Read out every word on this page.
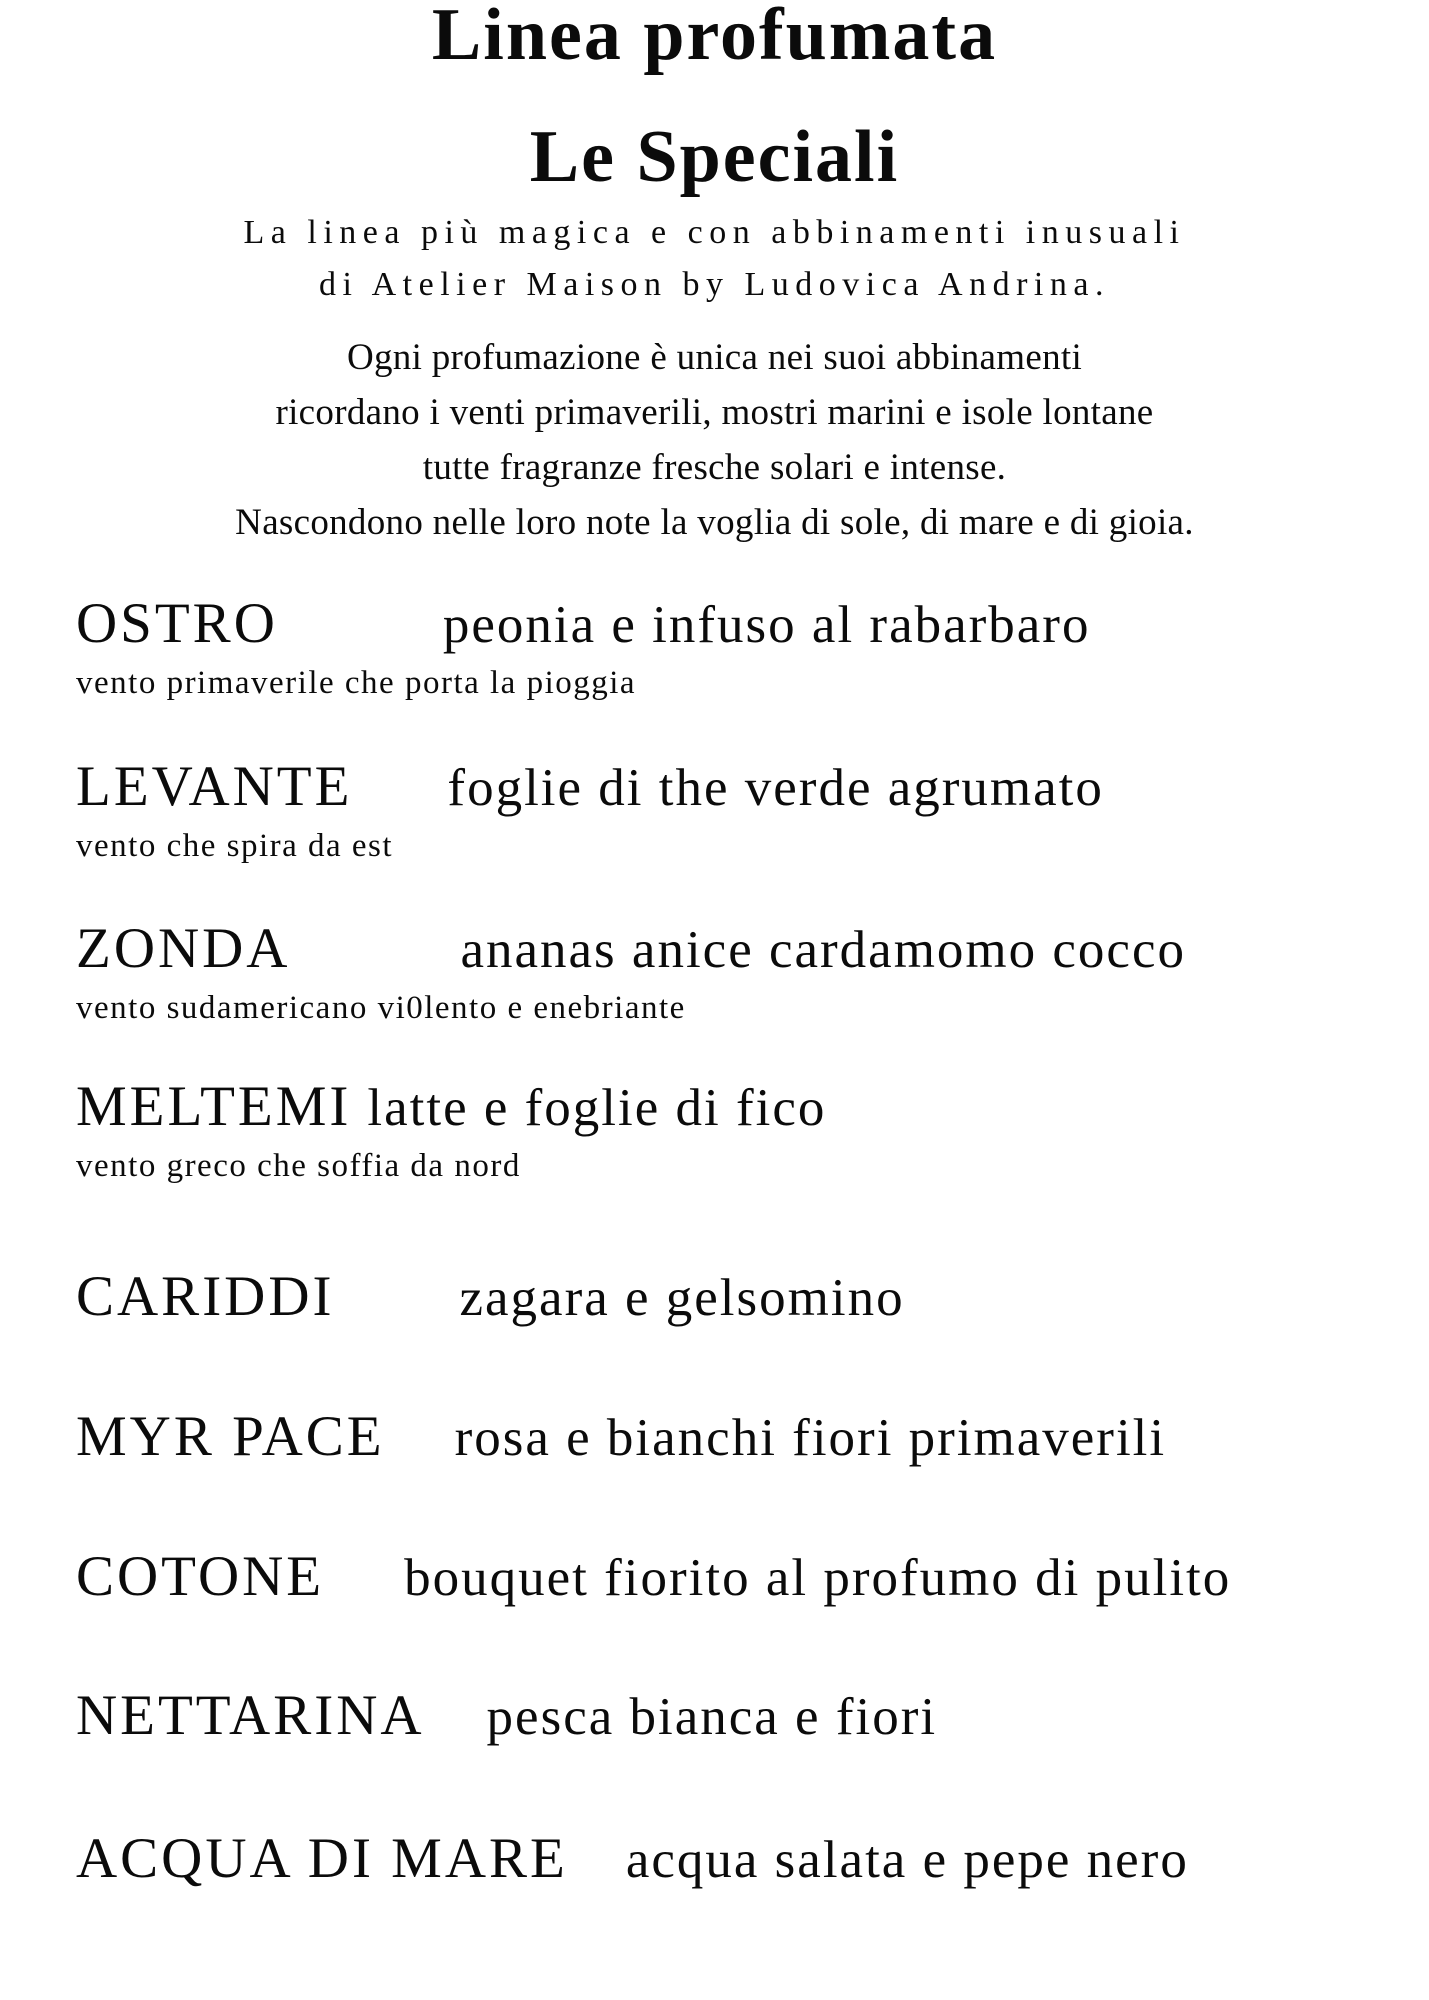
Linea profumata
Le Speciali
La linea più magica e con abbinamenti inusuali
di Atelier Maison by Ludovica Andrina.
Ogni profumazione è unica nei suoi abbinamenti
ricordano i venti primaverili, mostri marini e isole lontane
tutte fragranze fresche solari e intense.
Nascondono nelle loro note la voglia di sole, di mare e di gioia.
OSTRO	peonia e infuso al rabarbaro
vento primaverile che porta la pioggia
LEVANTE foglie di the verde agrumato
vento che spira da est
ZONDA	ananas anice cardamomo cocco
vento sudamericano vi0lento e enebriante
MELTEMI latte e foglie di fico
vento greco che soffia da nord
CARIDDI zagara e gelsomino
MYR PACE rosa e bianchi fiori primaverili
COTONE bouquet fiorito al profumo di pulito
NETTARINA pesca bianca e fiori
ACQUA DI MARE acqua salata e pepe nero
